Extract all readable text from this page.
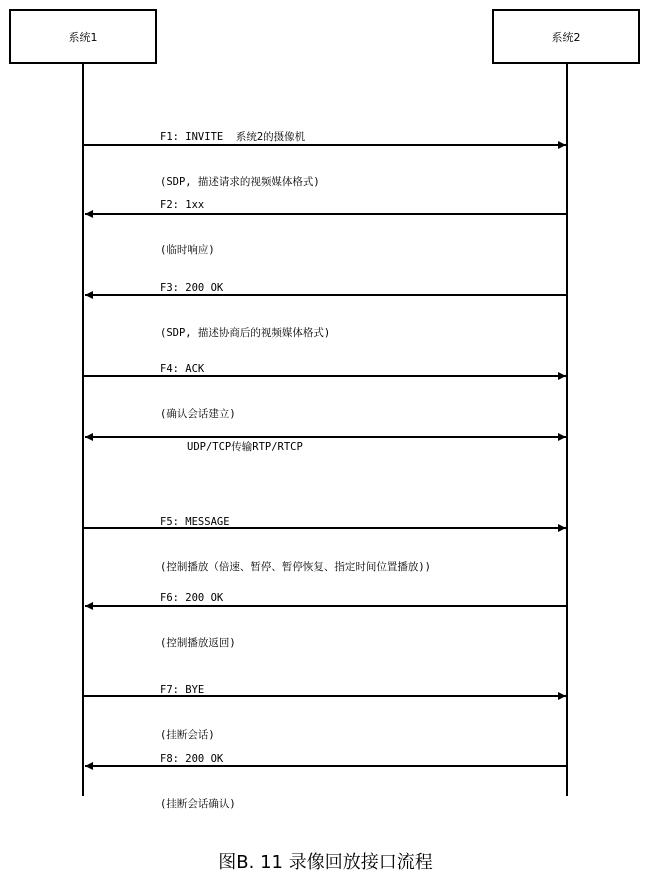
系统1	系统2

F1: INVITE  系统2的摄像机

(SDP, 描述请求的视频媒体格式)

F2: 1xx

(临时响应)

F3: 200 OK

(SDP, 描述协商后的视频媒体格式)

F4: ACK

(确认会话建立)

UDP/TCP传输RTP/RTCP

F5: MESSAGE

(控制播放（倍速、暂停、暂停恢复、指定时间位置播放))

F6: 200 OK

(控制播放返回)

F7: BYE

(挂断会话)

F8: 200 OK

(挂断会话确认)

图B. 11 录像回放接口流程
